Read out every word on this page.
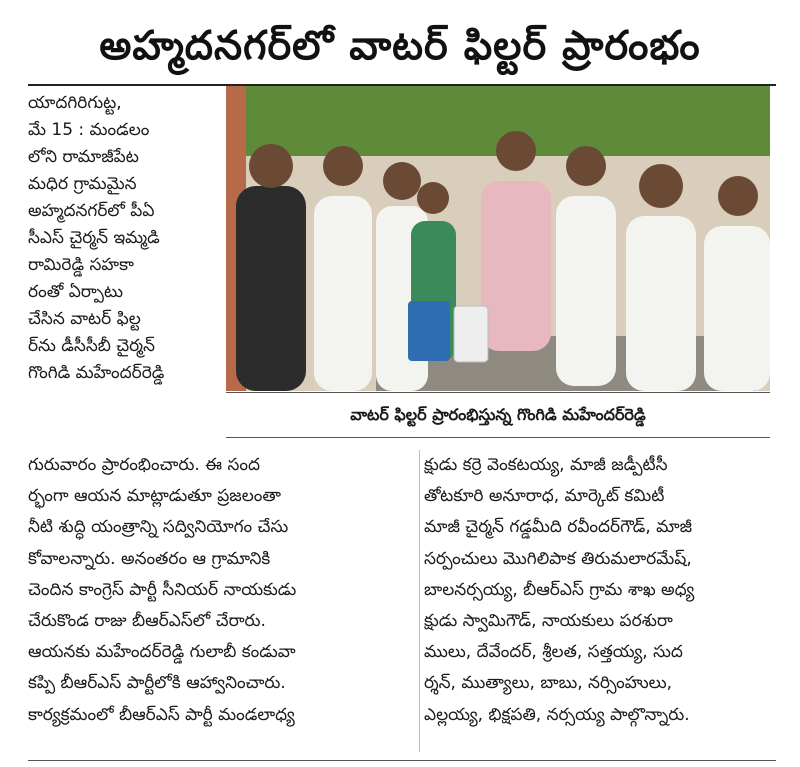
అహ్మదనగర్‌లో వాటర్ ఫిల్టర్ ప్రారంభం
యాదగిరిగుట్ట,
మే 15 : మండలం
లోని రామాజీపేట
మధిర గ్రామమైన
అహ్మదనగర్‌లో పీఏ
సీఎస్ చైర్మన్ ఇమ్మడి
రామిరెడ్డి సహకా
రంతో ఏర్పాటు
చేసిన వాటర్ ఫిల్ట
ర్‌ను డీసీసీబీ చైర్మన్
గొంగిడి మహేందర్‌రెడ్డి
వాటర్ ఫిల్టర్ ప్రారంభిస్తున్న గొంగిడి మహేందర్‌రెడ్డి
గురువారం ప్రారంభించారు. ఈ సంద
ర్భంగా ఆయన మాట్లాడుతూ ప్రజలంతా
నీటి శుద్ధి యంత్రాన్ని సద్వినియోగం చేసు
కోవాలన్నారు. అనంతరం ఆ గ్రామానికి
చెందిన కాంగ్రెస్ పార్టీ సీనియర్ నాయకుడు
చేరుకొండ రాజు బీఆర్ఎస్‌లో చేరారు.
ఆయనకు మహేందర్‌రెడ్డి గులాబీ కండువా
కప్పి బీఆర్ఎస్ పార్టీలోకి ఆహ్వానించారు.
కార్యక్రమంలో బీఆర్ఎస్ పార్టీ మండలాధ్య
క్షుడు కర్రె వెంకటయ్య, మాజీ జడ్పీటీసీ
తోటకూరి అనూరాధ, మార్కెట్ కమిటీ
మాజీ చైర్మన్ గడ్డమీది రవీందర్‌గౌడ్, మాజీ
సర్పంచులు మొగిలిపాక తిరుమలారమేష్,
బాలనర్సయ్య, బీఆర్ఎస్ గ్రామ శాఖ అధ్య
క్షుడు స్వామిగౌడ్, నాయకులు పరశురా
ములు, దేవేందర్, శ్రీలత, సత్తయ్య, సుద
ర్శన్, ముత్యాలు, బాబు, నర్సింహులు,
ఎల్లయ్య, భిక్షపతి, నర్సయ్య పాల్గొన్నారు.
